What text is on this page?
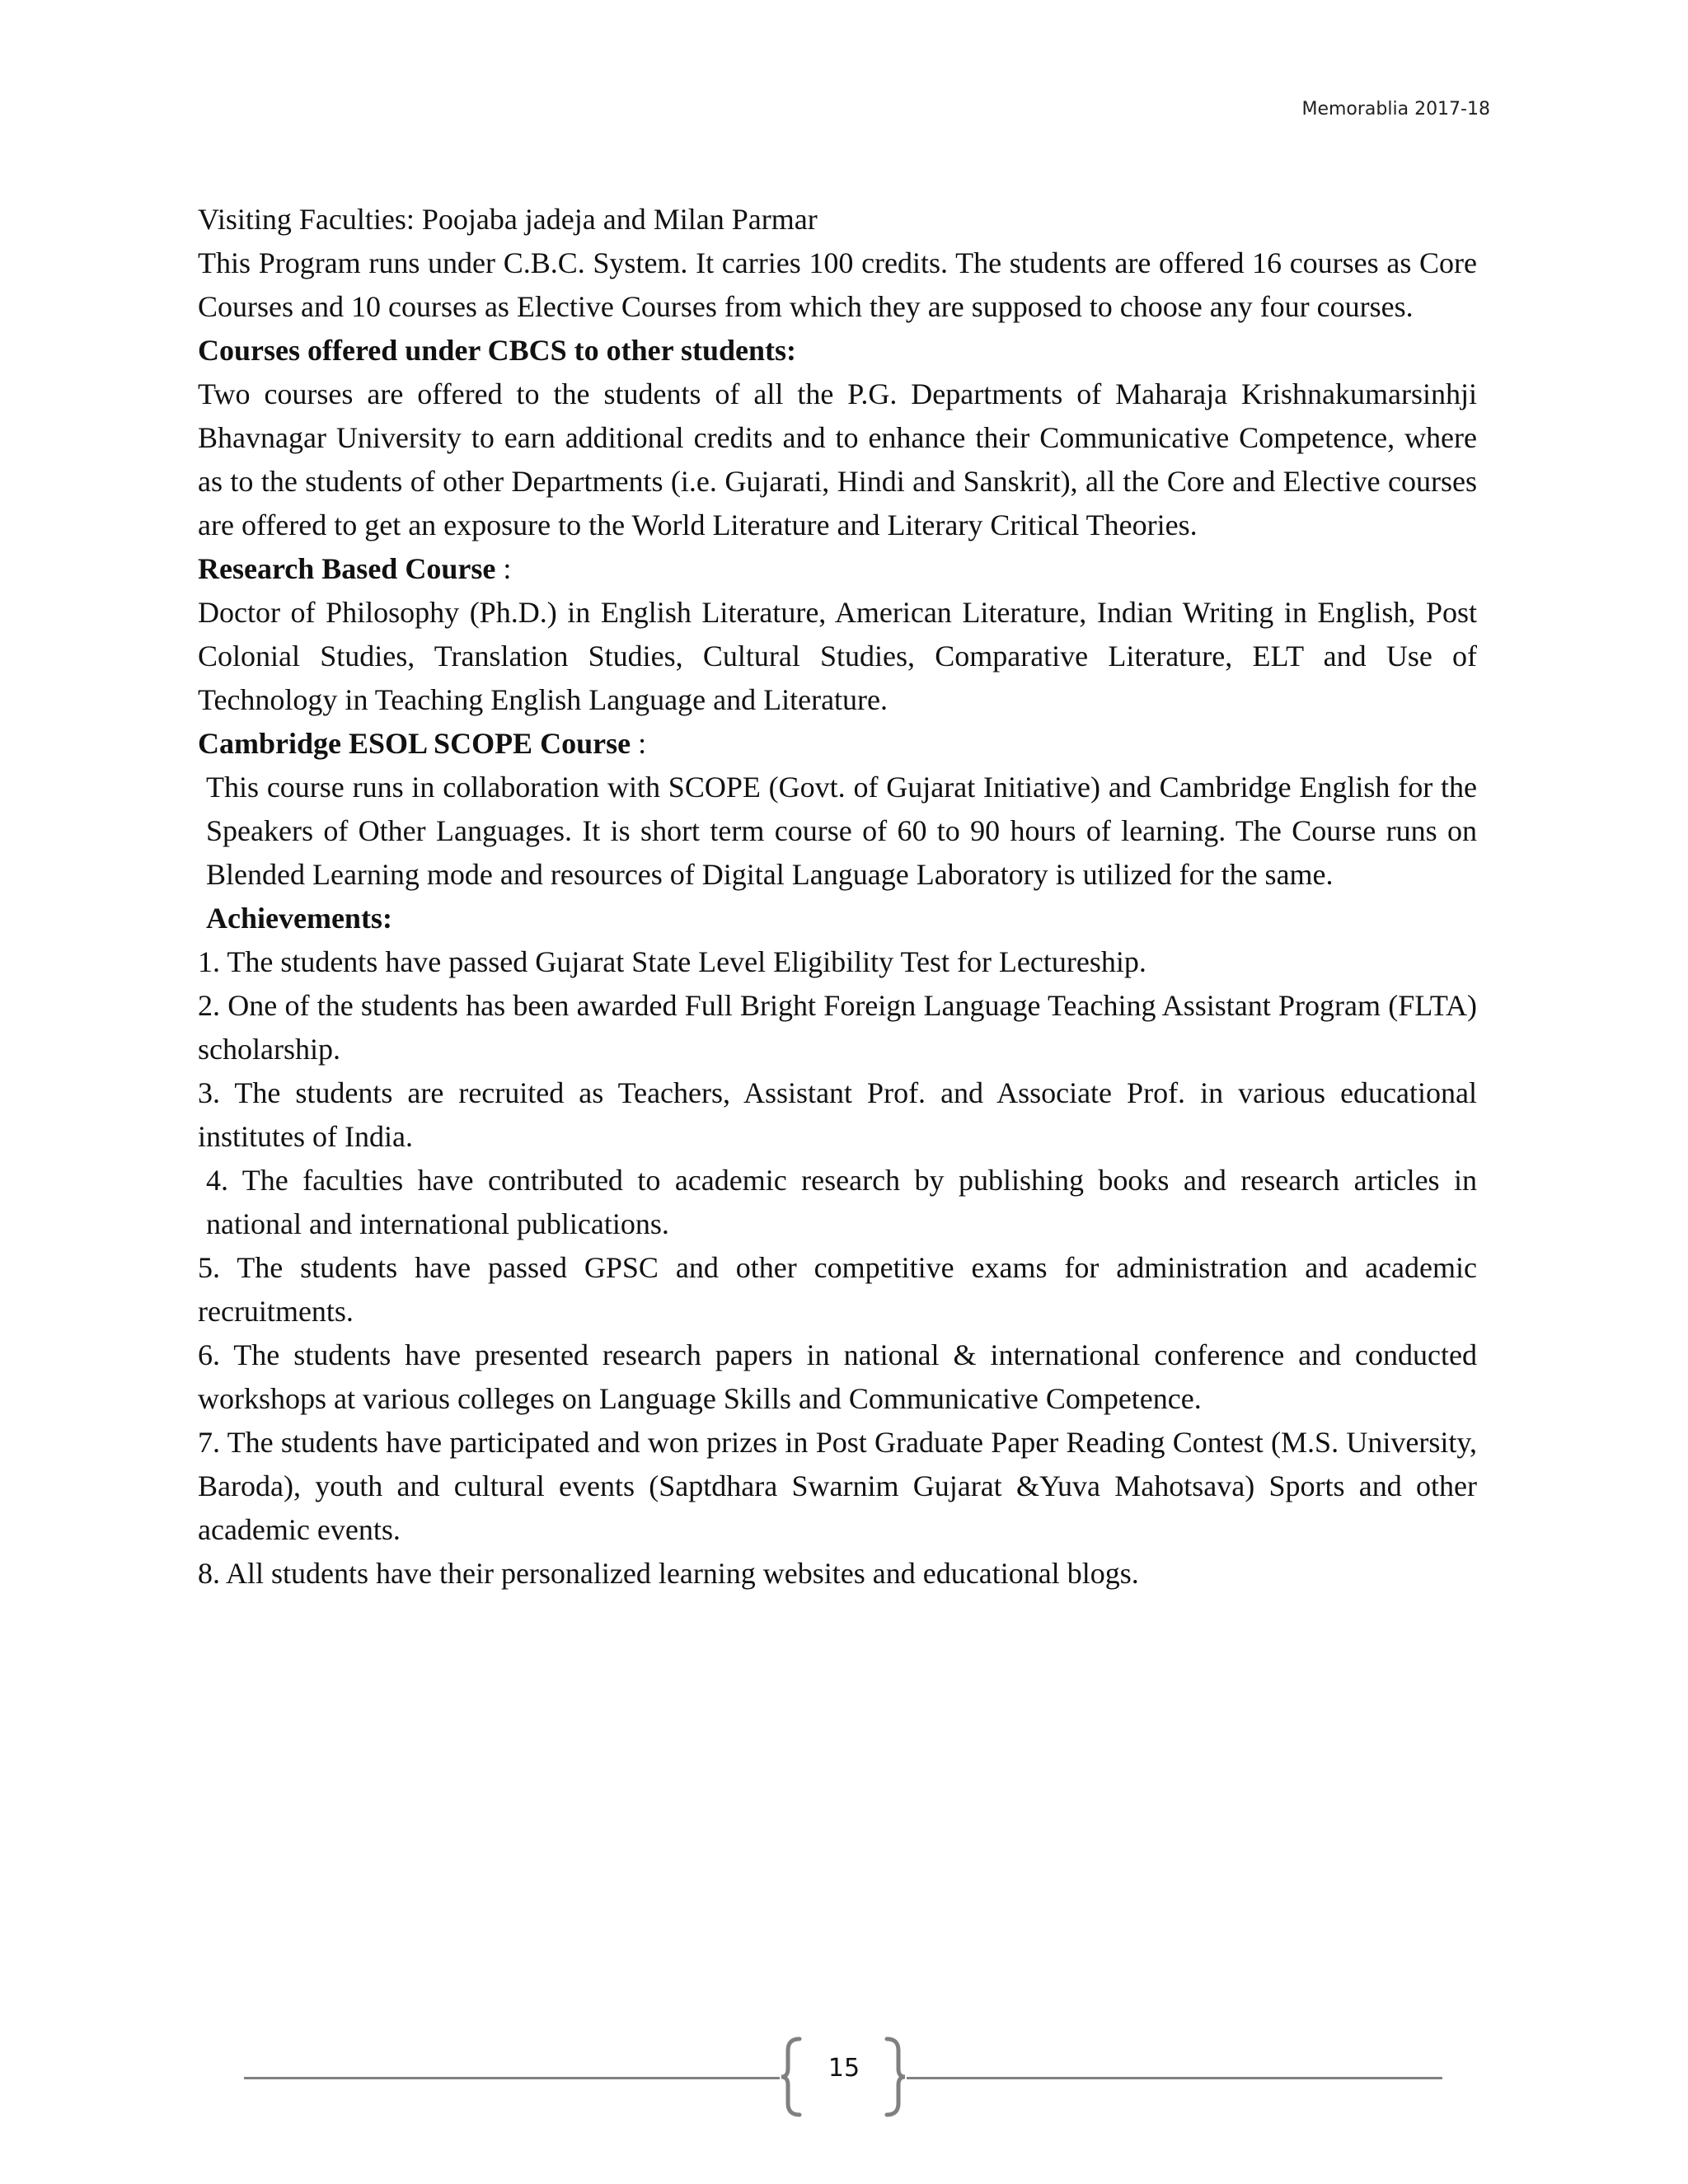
Memorablia 2017-18

Visiting Faculties: Poojaba jadeja and Milan Parmar

This Program runs under C.B.C. System. It carries 100 credits. The students are offered 16 courses as Core Courses and 10 courses as Elective Courses from which they are supposed to choose any four courses.

Courses offered under CBCS to other students:

Two courses are offered to the students of all the P.G. Departments of Maharaja Krishnakumarsinhji Bhavnagar University to earn additional credits and to enhance their Communicative Competence, where as to the students of other Departments (i.e. Gujarati, Hindi and Sanskrit), all the Core and Elective courses are offered to get an exposure to the World Literature and Literary Critical Theories.

Research Based Course :

Doctor of Philosophy (Ph.D.) in English Literature, American Literature, Indian Writing in English, Post Colonial Studies, Translation Studies, Cultural Studies, Comparative Literature, ELT and Use of Technology in Teaching English Language and Literature.

Cambridge ESOL SCOPE Course :

This course runs in collaboration with SCOPE (Govt. of Gujarat Initiative) and Cambridge English for the Speakers of Other Languages. It is short term course of 60 to 90 hours of learning. The Course runs on Blended Learning mode and resources of Digital Language Laboratory is utilized for the same.

Achievements:

1. The students have passed Gujarat State Level Eligibility Test for Lectureship.

2. One of the students has been awarded Full Bright Foreign Language Teaching Assistant Program (FLTA) scholarship.

3. The students are recruited as Teachers, Assistant Prof. and Associate Prof. in various educational institutes of India.

4. The faculties have contributed to academic research by publishing books and research articles in national and international publications.

5. The students have passed GPSC and other competitive exams for administration and academic recruitments.

6. The students have presented research papers in national & international conference and conducted workshops at various colleges on Language Skills and Communicative Competence.

7. The students have participated and won prizes in Post Graduate Paper Reading Contest (M.S. University, Baroda), youth and cultural events (Saptdhara Swarnim Gujarat &Yuva Mahotsava) Sports and other academic events.

8. All students have their personalized learning websites and educational blogs.

15
